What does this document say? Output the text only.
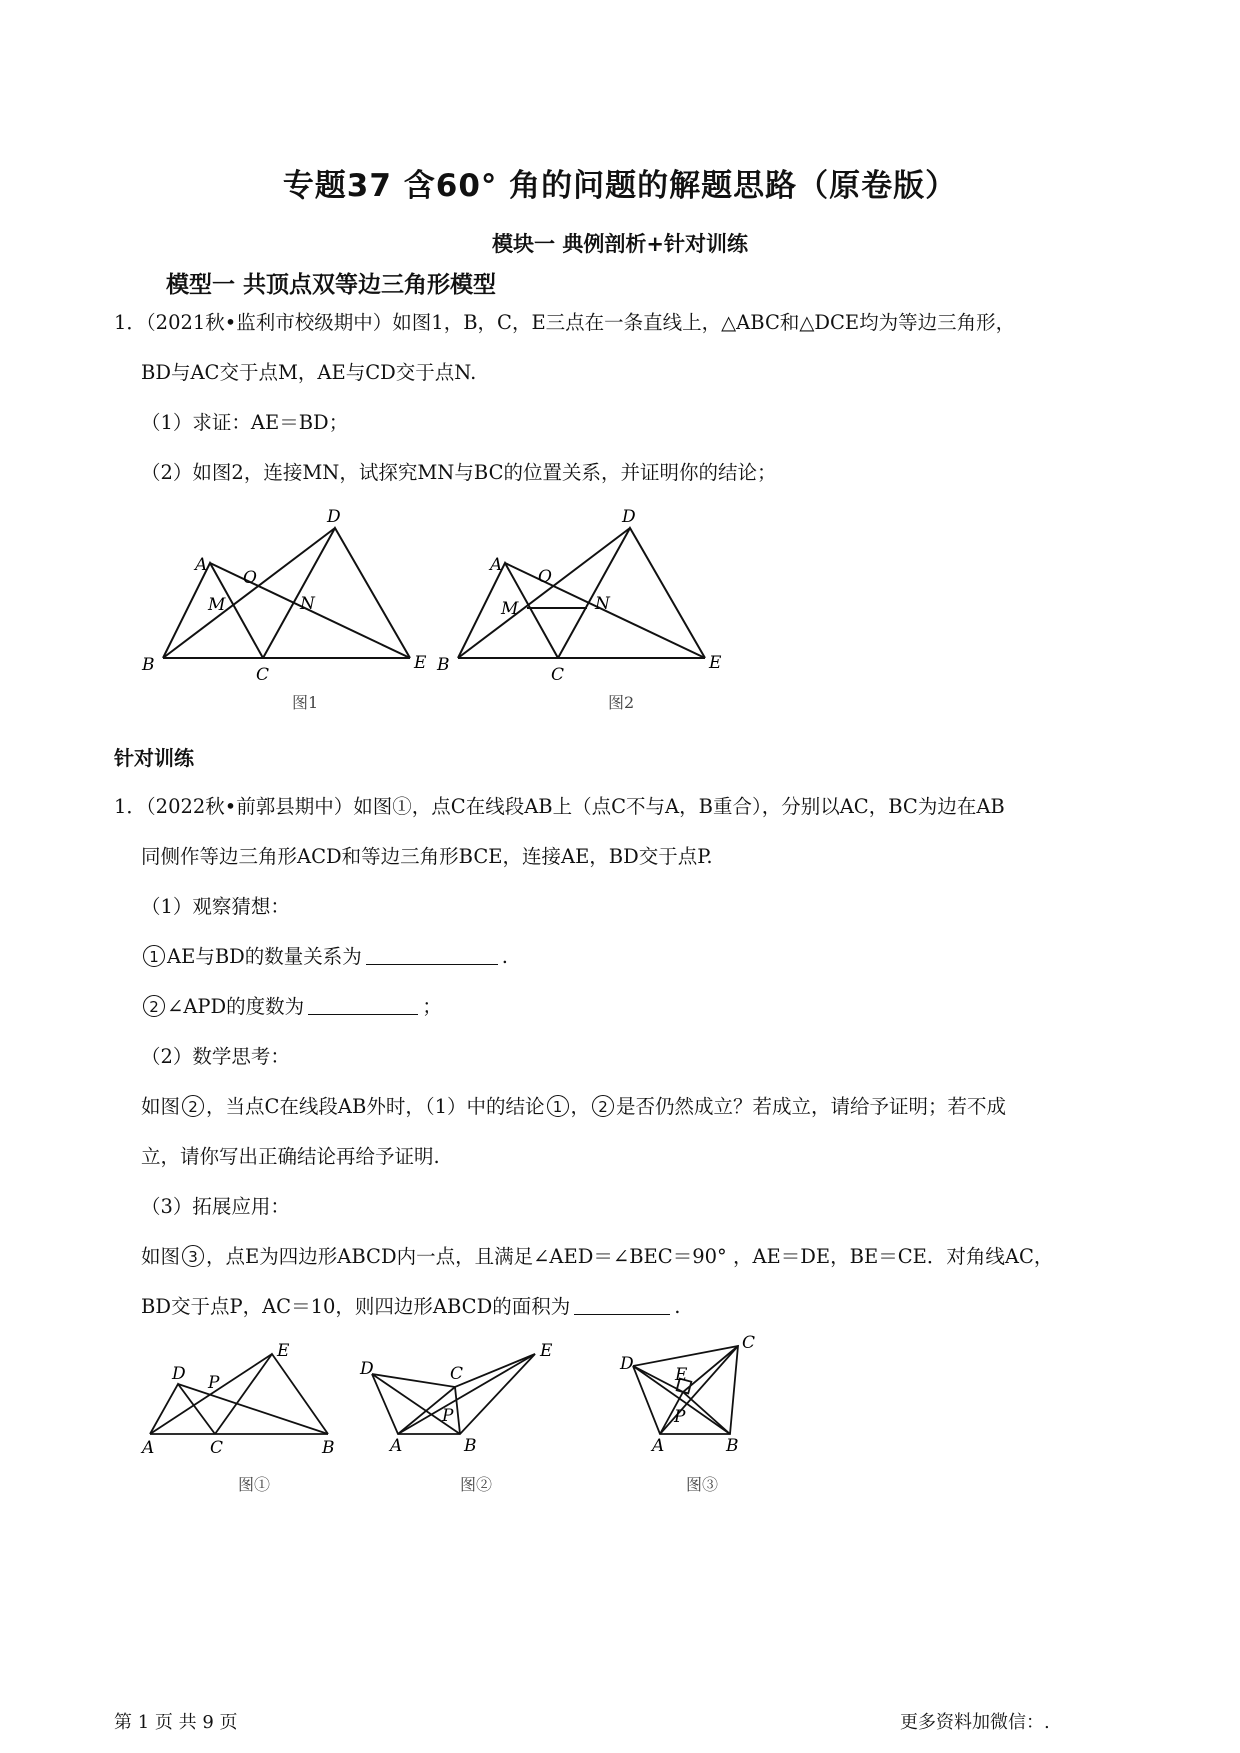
专题37 含60° 角的问题的解题思路（原卷版）
模块一 典例剖析+针对训练
模型一 共顶点双等边三角形模型
1．（2021秋•监利市校级期中）如图1，B，C，E三点在一条直线上，△ABC和△DCE均为等边三角形，
BD与AC交于点M，AE与CD交于点N.
（1）求证：AE＝BD；
（2）如图2，连接MN，试探究MN与BC的位置关系，并证明你的结论；
A
B	C
D
E
M	N
O
图1
A
B	C
D
E
M	N
O
图2
针对训练
1．（2022秋•前郭县期中）如图①，点C在线段AB上（点C不与A，B重合），分别以AC，BC为边在AB
同侧作等边三角形ACD和等边三角形BCE，连接AE，BD交于点P.
（1）观察猜想：
1 AE与BD的数量关系为	.
2 ∠APD的度数为	；
（2）数学思考：
如图 2 ，当点C在线段AB外时，（1）中的结论 1 ， 2 是否仍然成立？若成立，请给予证明；若不成
立，请你写出正确结论再给予证明.
（3）拓展应用：
如图 3 ，点E为四边形ABCD内一点，且满足∠AED＝∠BEC＝90° ，AE＝DE，BE＝CE．对角线AC，
BD交于点P，AC＝10，则四边形ABCD的面积为	.
A	C	B
D
E
P
图①
D	C
E
A	B
P
图②
D
C
E
P
A	B
图③
第 1 页 共 9 页	更多资料加微信：.
